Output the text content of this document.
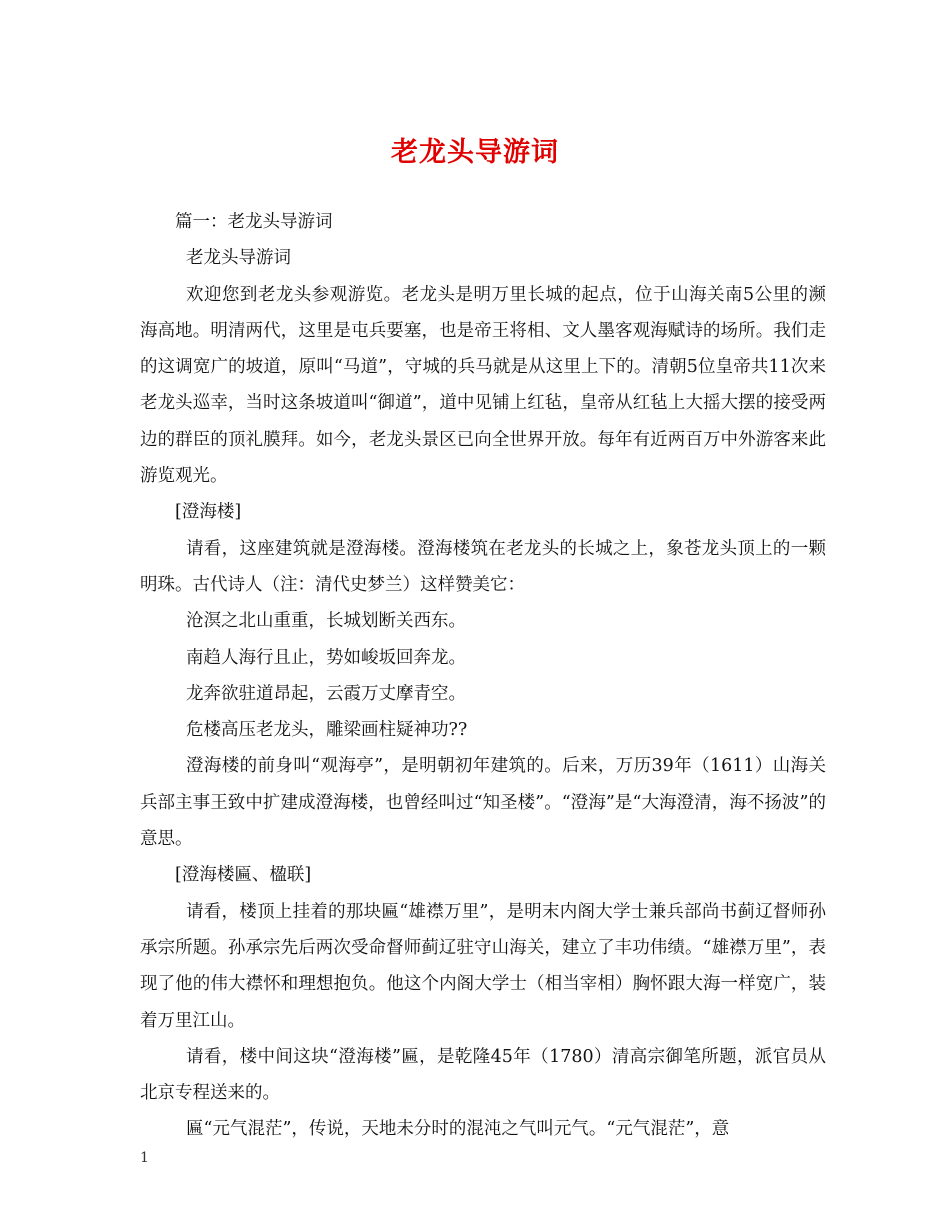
老龙头导游词

篇一：老龙头导游词

老龙头导游词

欢迎您到老龙头参观游览。老龙头是明万里长城的起点，位于山海关南5公里的濒海高地。明清两代，这里是屯兵要塞，也是帝王将相、文人墨客观海赋诗的场所。我们走的这调宽广的坡道，原叫“马道”，守城的兵马就是从这里上下的。清朝5位皇帝共11次来老龙头巡幸，当时这条坡道叫“御道”，道中见铺上红毡，皇帝从红毡上大摇大摆的接受两边的群臣的顶礼膜拜。如今，老龙头景区已向全世界开放。每年有近两百万中外游客来此游览观光。

[澄海楼]

请看，这座建筑就是澄海楼。澄海楼筑在老龙头的长城之上，象苍龙头顶上的一颗明珠。古代诗人（注：清代史梦兰）这样赞美它：

沧溟之北山重重，长城划断关西东。

南趋人海行且止，势如峻坂回奔龙。

龙奔欲驻道昂起，云霞万丈摩青空。

危楼高压老龙头，雕梁画柱疑神功??

澄海楼的前身叫“观海亭”，是明朝初年建筑的。后来，万历39年（1611）山海关兵部主事王致中扩建成澄海楼，也曾经叫过“知圣楼”。“澄海”是“大海澄清，海不扬波”的意思。

[澄海楼匾、楹联]

请看，楼顶上挂着的那块匾“雄襟万里”，是明末内阁大学士兼兵部尚书蓟辽督师孙承宗所题。孙承宗先后两次受命督师蓟辽驻守山海关，建立了丰功伟绩。“雄襟万里”，表现了他的伟大襟怀和理想抱负。他这个内阁大学士（相当宰相）胸怀跟大海一样宽广，装着万里江山。

请看，楼中间这块“澄海楼”匾，是乾隆45年（1780）清高宗御笔所题，派官员从北京专程送来的。

匾“元气混茫”，传说，天地未分时的混沌之气叫元气。“元气混茫”，意

1
